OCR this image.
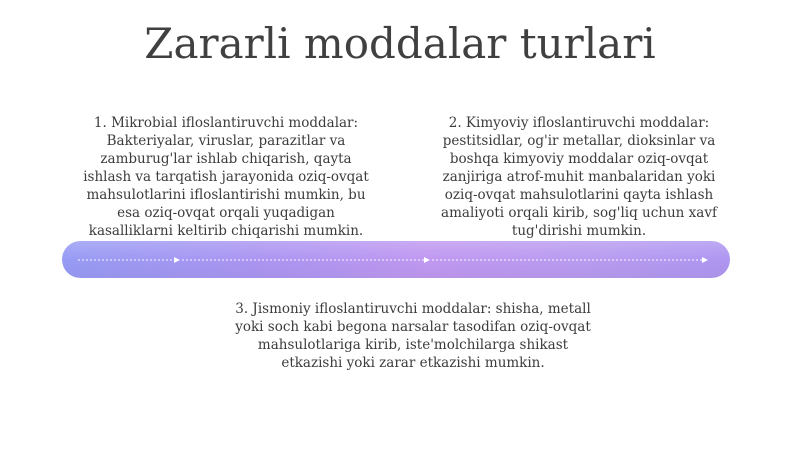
Zararli moddalar turlari
1. Mikrobial ifloslantiruvchi moddalar: Bakteriyalar, viruslar, parazitlar va zamburug'lar ishlab chiqarish, qayta ishlash va tarqatish jarayonida oziq-ovqat mahsulotlarini ifloslantirishi mumkin, bu esa oziq-ovqat orqali yuqadigan kasalliklarni keltirib chiqarishi mumkin.
2. Kimyoviy ifloslantiruvchi moddalar: pestitsidlar, og'ir metallar, dioksinlar va boshqa kimyoviy moddalar oziq-ovqat zanjiriga atrof-muhit manbalaridan yoki oziq-ovqat mahsulotlarini qayta ishlash amaliyoti orqali kirib, sog'liq uchun xavf tug'dirishi mumkin.
3. Jismoniy ifloslantiruvchi moddalar: shisha, metall yoki soch kabi begona narsalar tasodifan oziq-ovqat mahsulotlariga kirib, iste'molchilarga shikast etkazishi yoki zarar etkazishi mumkin.
